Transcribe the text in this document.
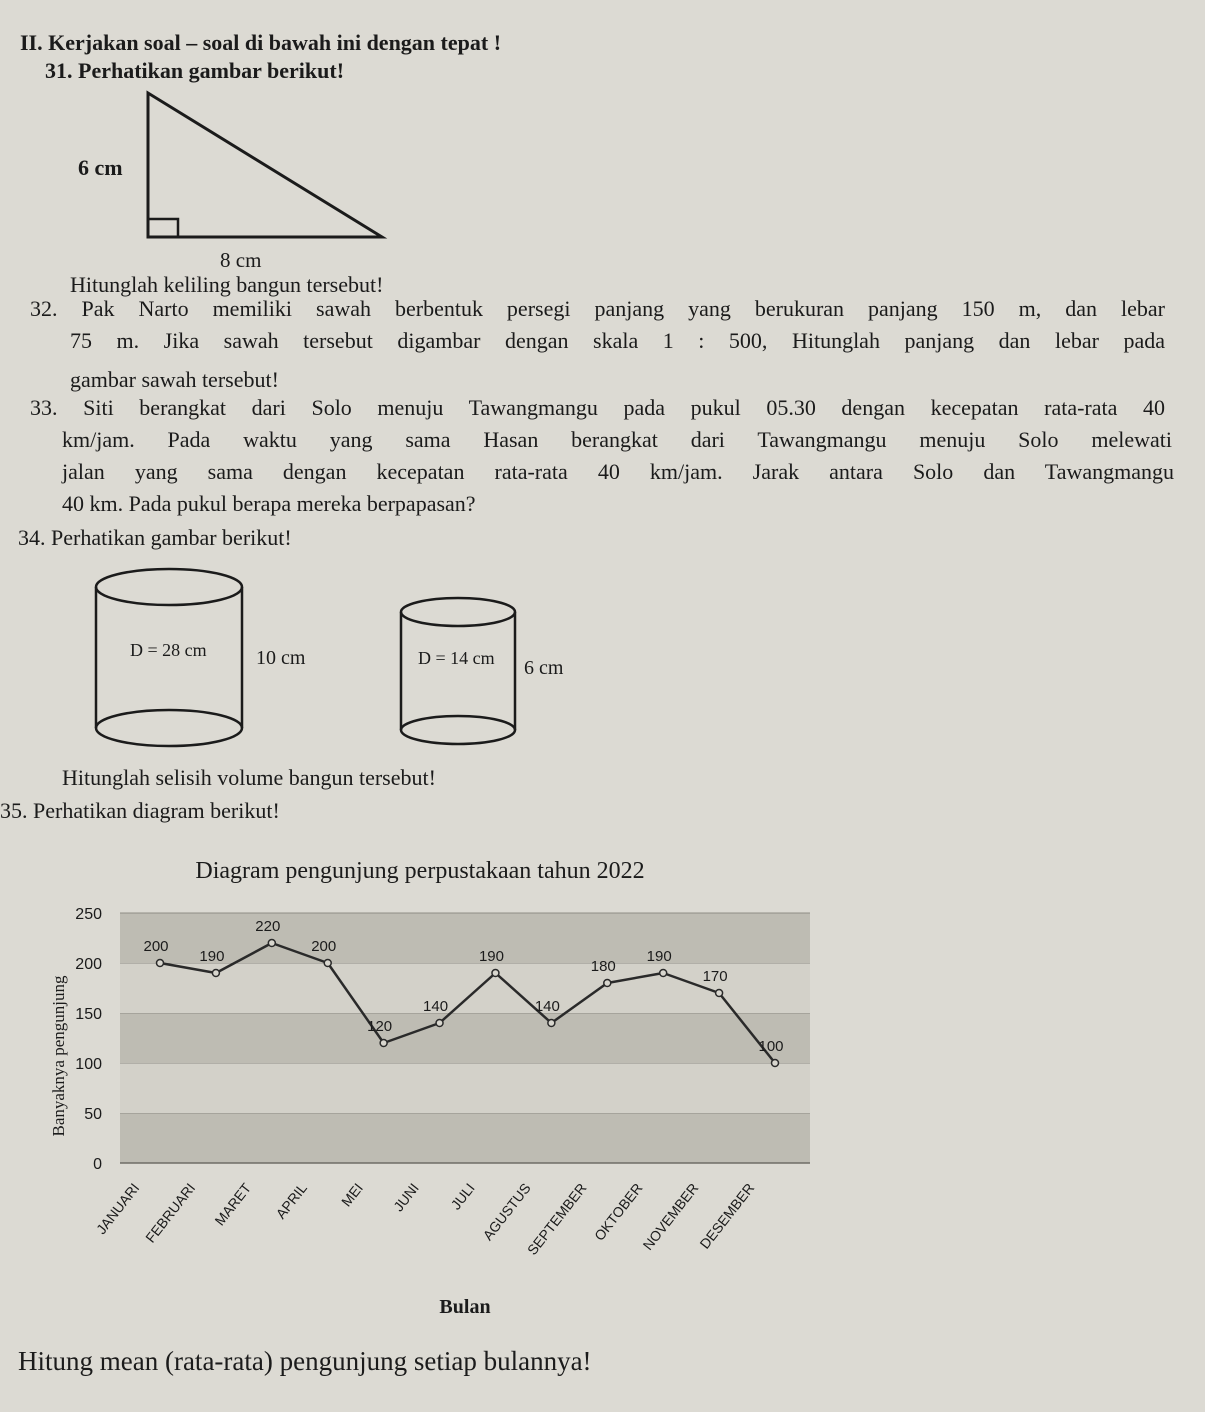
II. Kerjakan soal – soal di bawah ini dengan tepat !
31. Perhatikan gambar berikut!
6 cm
8 cm
Hitunglah keliling bangun tersebut!
32. Pak Narto memiliki sawah berbentuk persegi panjang yang berukuran panjang 150 m, dan lebar
75 m. Jika sawah tersebut digambar dengan skala 1 : 500, Hitunglah panjang dan lebar pada
gambar sawah tersebut!
33. Siti berangkat dari Solo menuju Tawangmangu pada pukul 05.30 dengan kecepatan rata-rata 40
km/jam. Pada waktu yang sama Hasan berangkat dari Tawangmangu menuju Solo melewati
jalan yang sama dengan kecepatan rata-rata 40 km/jam. Jarak antara Solo dan Tawangmangu
40 km. Pada pukul berapa mereka berpapasan?
34. Perhatikan gambar berikut!
D = 28 cm 10 cm	D = 14 cm 6 cm
Hitunglah selisih volume bangun tersebut!
35. Perhatikan diagram berikut!
Diagram pengunjung perpustakaan tahun 2022
0
50
100
150
200
250
Banyaknya pengunjung
JANUARI FEBRUARI MARET APRIL MEI JUNI JULI AGUSTUS
SEPTEMBER OKTOBER
NOVEMBER
DESEMBER
200
190
220
200
120
140
190
140
180
190
170
100
Bulan
Hitung mean (rata-rata) pengunjung setiap bulannya!
